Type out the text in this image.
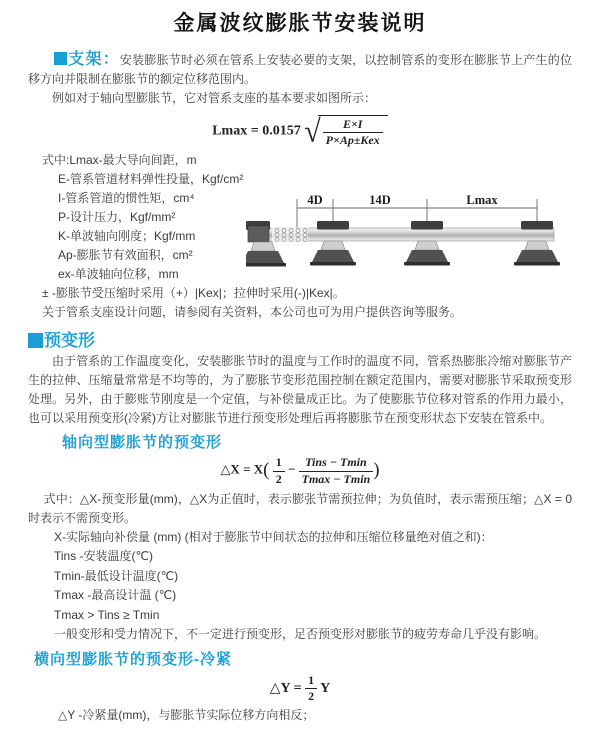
金属波纹膨胀节安装说明

支架：安装膨胀节时必须在管系上安装必要的支架，以控制管系的变形在膨胀节上产生的位移方向并限制在膨胀节的额定位移范围内。

例如对于轴向型膨胀节，它对管系支座的基本要求如图所示：

Lmax = 0.0157 √ $\frac{E\times I}{\text{P×Ap±Kex}}$
式中:Lmax-最大导向间距，m
E-管系管道材料弹性投量，Kgf/cm²
I-管系管道的惯性矩，cm⁴
P-设计压力，Kgf/mm²
K-单波轴向刚度；Kgf/mm
Ap-膨胀节有效面积，cm²
ex-单波轴向位移，mm
± -膨胀节受压缩时采用（+）|Kex|；拉伸时采用(-)|Kex|。
关于管系支座设计问题，请参阅有关资料，本公司也可为用户提供咨询等服务。
4D	14D	Lmax
预变形

由于管系的工作温度变化，安装膨胀节时的温度与工作时的温度不同，管系热膨胀冷缩对膨胀节产生的拉伸、压缩量常常是不均等的，为了膨胀节变形范围控制在额定范围内，需要对膨胀节采取预变形处理。另外，由于膨账节刚度是一个定值，与补偿量成正比。为了使膨胀节位移对管系的作用力最小，也可以采用预变形(冷紧)方让对膨胀节进行预变形处理后再将膨胀节在预变形状态下安装在管系中。

轴向型膨胀节的预变形
△X = $X( \frac{1}{2} - \frac{\text{Tins − Tmin}}{Tmax - Tmin}$ )

式中：△X-预变形量(mm)，△X为正值时，表示膨张节需预拉伸；为负值时，表示需预压缩；△X = 0时表示不需预变形。

X-实际轴向补偿量 (mm) (相对于膨胀节中间状态的拉伸和压缩位移量绝对值之和)：
Tins -安装温度(℃)
Tmin-最低设计温度(℃)
Tmax -最高设计温 (℃)
Tmax > Tins ≥ Tmin
一般变形和受力情况下，不一定进行预变形，足否预变形对膨胀节的疲劳寿命几乎没有影响。
横向型膨胀节的预变形-冷紧
△Y = $\frac{1}{2}$ Y

△Y -冷紧量(mm)，与膨胀节实际位移方向相反；
